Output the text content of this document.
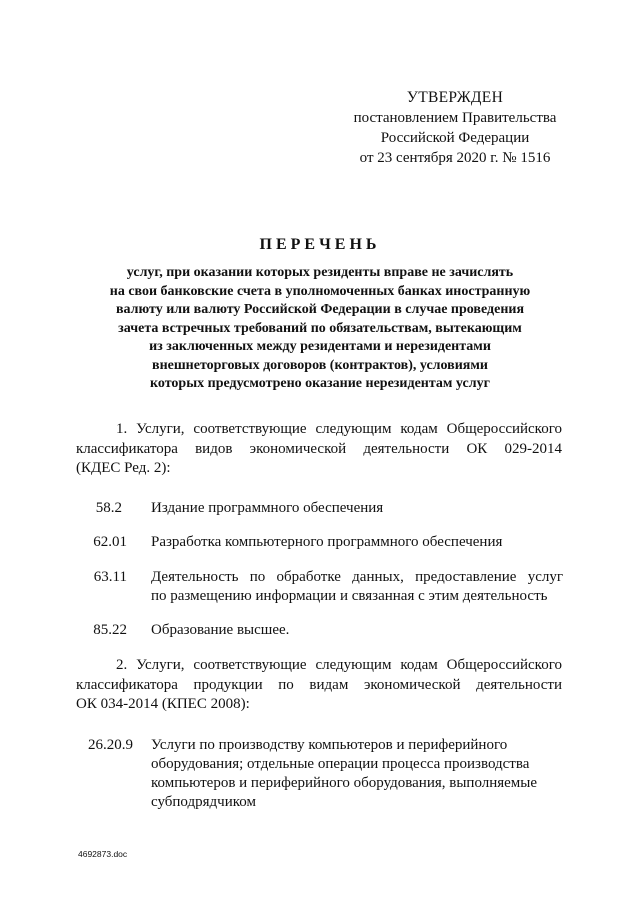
УТВЕРЖДЕН
постановлением Правительства
Российской Федерации
от 23 сентября 2020 г. № 1516
ПЕРЕЧЕНЬ
услуг, при оказании которых резиденты вправе не зачислять
на свои банковские счета в уполномоченных банках иностранную
валюту или валюту Российской Федерации в случае проведения
зачета встречных требований по обязательствам, вытекающим
из заключенных между резидентами и нерезидентами
внешнеторговых договоров (контрактов), условиями
которых предусмотрено оказание нерезидентам услуг
1. Услуги, соответствующие следующим кодам Общероссийского
классификатора видов экономической деятельности ОК 029-2014
(КДЕС Ред. 2):
58.2 Издание программного обеспечения
62.01 Разработка компьютерного программного обеспечения
63.11 Деятельность по обработке данных, предоставление услуг
по размещению информации и связанная с этим деятельность
85.22 Образование высшее.
2. Услуги, соответствующие следующим кодам Общероссийского
классификатора продукции по видам экономической деятельности
ОК 034-2014 (КПЕС 2008):
26.20.9 Услуги по производству компьютеров и периферийного
оборудования; отдельные операции процесса производства
компьютеров и периферийного оборудования, выполняемые
субподрядчиком
4692873.doc
